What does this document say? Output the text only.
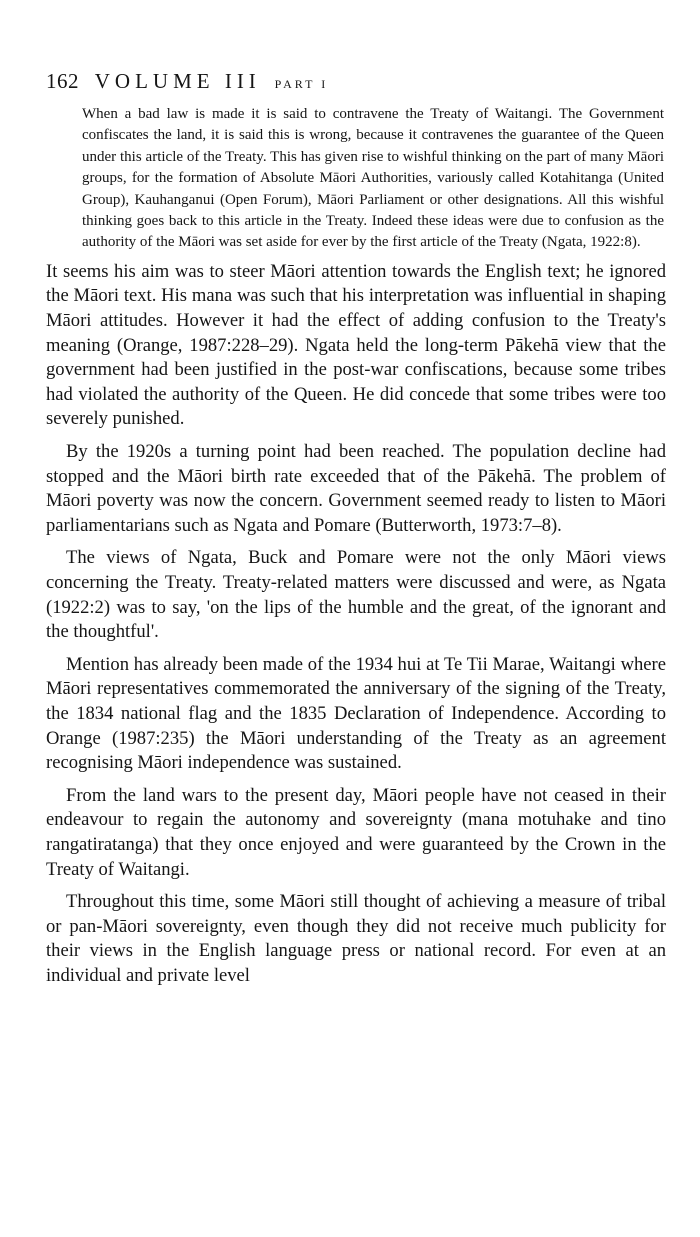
162 VOLUME III PART I

When a bad law is made it is said to contravene the Treaty of Waitangi. The Government confiscates the land, it is said this is wrong, because it contravenes the guarantee of the Queen under this article of the Treaty. This has given rise to wishful thinking on the part of many Māori groups, for the formation of Absolute Māori Authorities, variously called Kotahitanga (United Group), Kauhanganui (Open Forum), Māori Parliament or other designations. All this wishful thinking goes back to this article in the Treaty. Indeed these ideas were due to confusion as the authority of the Māori was set aside for ever by the first article of the Treaty (Ngata, 1922:8).

It seems his aim was to steer Māori attention towards the English text; he ignored the Māori text. His mana was such that his interpretation was influential in shaping Māori attitudes. However it had the effect of adding confusion to the Treaty's meaning (Orange, 1987:228–29). Ngata held the long-term Pākehā view that the government had been justified in the post-war confiscations, because some tribes had violated the authority of the Queen. He did concede that some tribes were too severely punished.

By the 1920s a turning point had been reached. The population decline had stopped and the Māori birth rate exceeded that of the Pākehā. The problem of Māori poverty was now the concern. Government seemed ready to listen to Māori parliamentarians such as Ngata and Pomare (Butterworth, 1973:7–8).

The views of Ngata, Buck and Pomare were not the only Māori views concerning the Treaty. Treaty-related matters were discussed and were, as Ngata (1922:2) was to say, 'on the lips of the humble and the great, of the ignorant and the thoughtful'.

Mention has already been made of the 1934 hui at Te Tii Marae, Waitangi where Māori representatives commemorated the anniversary of the signing of the Treaty, the 1834 national flag and the 1835 Declaration of Independence. According to Orange (1987:235) the Māori understanding of the Treaty as an agreement recognising Māori independence was sustained.

From the land wars to the present day, Māori people have not ceased in their endeavour to regain the autonomy and sovereignty (mana motuhake and tino rangatiratanga) that they once enjoyed and were guaranteed by the Crown in the Treaty of Waitangi.

Throughout this time, some Māori still thought of achieving a measure of tribal or pan-Māori sovereignty, even though they did not receive much publicity for their views in the English language press or national record. For even at an individual and private level
